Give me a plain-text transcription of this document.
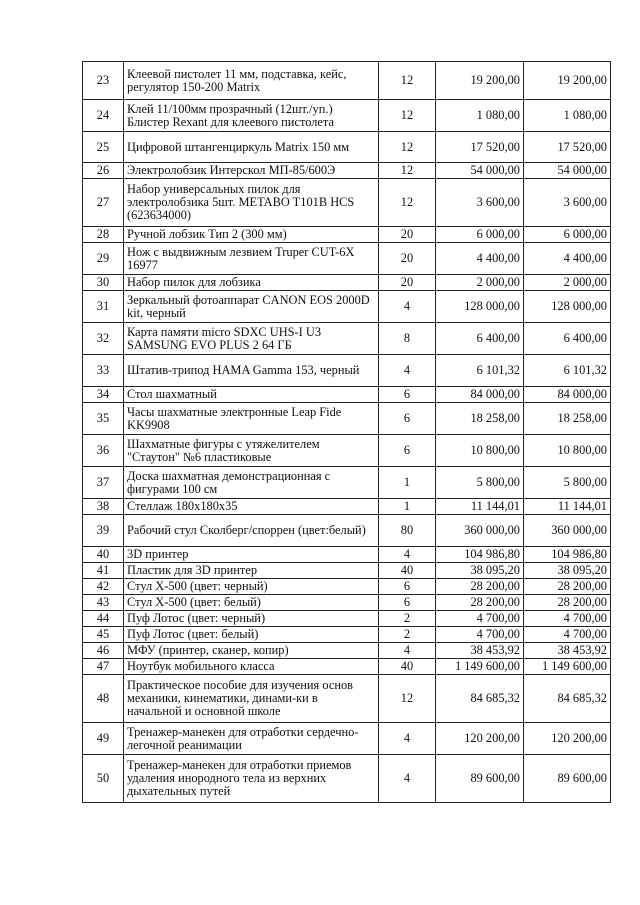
23	Клеевой пистолет 11 мм, подставка, кейс, регулятор 150-200 Matrix	12	19 200,00	19 200,00
24	Клей 11/100мм прозрачный (12шт./уп.) Блистер Rexant для клеевого пистолета	12	1 080,00	1 080,00
25	Цифровой штангенциркуль Matrix 150 мм	12	17 520,00	17 520,00
26	Электролобзик Интерскол МП-85/600Э	12	54 000,00	54 000,00
27	Набор универсальных пилок для электролобзика 5шт. METABO T101B HCS (623634000)	12	3 600,00	3 600,00
28	Ручной лобзик Тип 2 (300 мм)	20	6 000,00	6 000,00
29	Нож с выдвижным лезвием Truper CUT-6X 16977	20	4 400,00	4 400,00
30	Набор пилок для лобзика	20	2 000,00	2 000,00
31	Зеркальный фотоаппарат CANON EOS 2000D kit, черный	4	128 000,00	128 000,00
32	Карта памяти micro SDXC UHS-I U3 SAMSUNG EVO PLUS 2 64 ГБ	8	6 400,00	6 400,00
33	Штатив-трипод HAMA Gamma 153, черный	4	6 101,32	6 101,32
34	Стол шахматный	6	84 000,00	84 000,00
35	Часы шахматные электронные Leap Fide KK9908	6	18 258,00	18 258,00
36	Шахматные фигуры с утяжелителем "Стаутон" №6 пластиковые	6	10 800,00	10 800,00
37	Доска шахматная демонстрационная с фигурами 100 см	1	5 800,00	5 800,00
38	Стеллаж 180х180х35	1	11 144,01	11 144,01
39	Рабочий стул Сколберг/споррен (цвет:белый)	80	360 000,00	360 000,00
40	3D принтер	4	104 986,80	104 986,80
41	Пластик для 3D принтер	40	38 095,20	38 095,20
42	Стул X-500 (цвет: черный)	6	28 200,00	28 200,00
43	Стул X-500 (цвет: белый)	6	28 200,00	28 200,00
44	Пуф Лотос (цвет: черный)	2	4 700,00	4 700,00
45	Пуф Лотос (цвет: белый)	2	4 700,00	4 700,00
46	МФУ (принтер, сканер, копир)	4	38 453,92	38 453,92
47	Ноутбук мобильного класса	40	1 149 600,00	1 149 600,00
48	Практическое пособие для изучения основ механики, кинематики, динами-ки в начальной и основной школе	12	84 685,32	84 685,32
49	Тренажер-манекен для отработки сердечно-легочной реанимации	4	120 200,00	120 200,00
50	Тренажер-манекен для отработки приемов удаления инородного тела из верхних дыхательных путей	4	89 600,00	89 600,00
